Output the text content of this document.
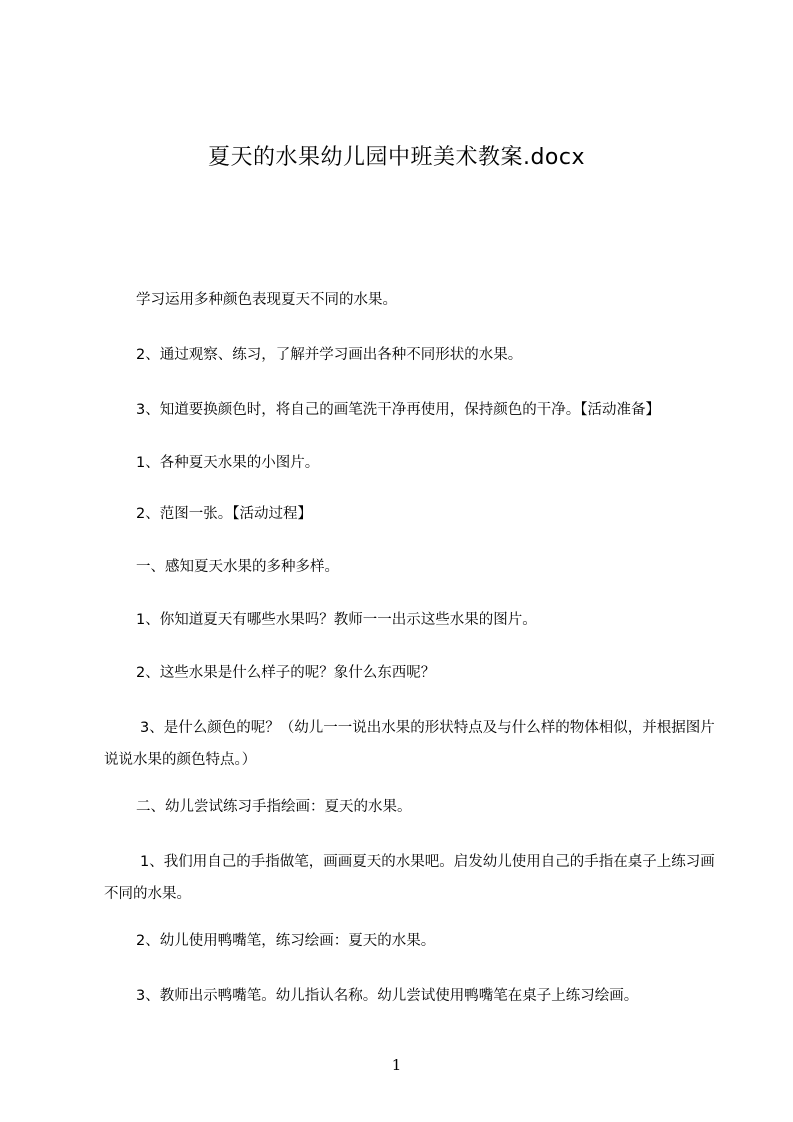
夏天的水果幼儿园中班美术教案.docx
学习运用多种颜色表现夏天不同的水果。
2、通过观察、练习，了解并学习画出各种不同形状的水果。
3、知道要换颜色时，将自己的画笔洗干净再使用，保持颜色的干净。【活动准备】
1、各种夏天水果的小图片。
2、范图一张。【活动过程】
一、感知夏天水果的多种多样。
1、你知道夏天有哪些水果吗？教师一一出示这些水果的图片。
2、这些水果是什么样子的呢？象什么东西呢？
3、是什么颜色的呢？（幼儿一一说出水果的形状特点及与什么样的物体相似，并根据图片说说水果的颜色特点。）
二、幼儿尝试练习手指绘画：夏天的水果。
1、我们用自己的手指做笔，画画夏天的水果吧。启发幼儿使用自己的手指在桌子上练习画不同的水果。
2、幼儿使用鸭嘴笔，练习绘画：夏天的水果。
3、教师出示鸭嘴笔。幼儿指认名称。幼儿尝试使用鸭嘴笔在桌子上练习绘画。
1
